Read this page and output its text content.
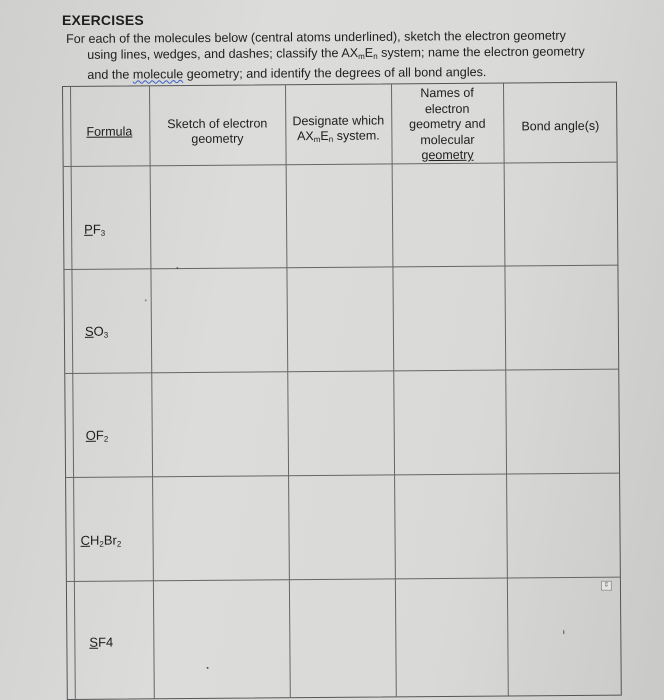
EXERCISES
For each of the molecules below (central atoms underlined), sketch the electron geometry
using lines, wedges, and dashes; classify the $AX_mE_n$ system; name the electron geometry
and the molecule geometry; and identify the degrees of all bond angles.
Formula
Sketch of electron
geometry
Designate which
$AX_mE_n$ system.
Names of
electron
geometry and
molecular
geometry
Bond angle(s)
$PF_3$
$SO_3$
$OF_2$
$CH_2Br_2$
SF4
⇕
